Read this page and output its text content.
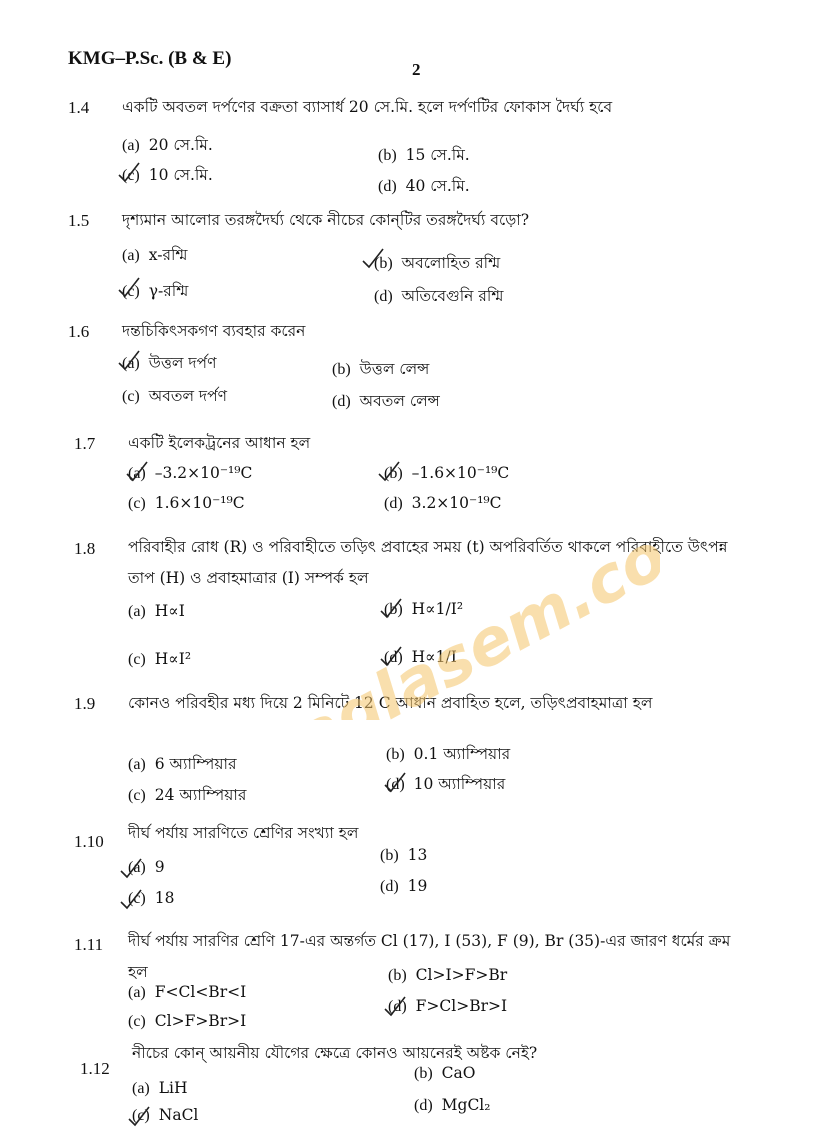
KMG–P.Sc. (B & E)
2
1.4 একটি অবতল দর্পণের বক্রতা ব্যাসার্ধ 20 সে.মি. হলে দর্পণটির ফোকাস দৈর্ঘ্য হবে
(a) 20 সে.মি.
(b) 15 সে.মি.
(c) 10 সে.মি.
(d) 40 সে.মি.
1.5 দৃশ্যমান আলোর তরঙ্গদৈর্ঘ্য থেকে নীচের কোন্‌টির তরঙ্গদৈর্ঘ্য বড়ো?
(a) x-রশ্মি	(b) অবলোহিত রশ্মি
(c) γ-রশ্মি	(d) অতিবেগুনি রশ্মি
1.6 দন্তচিকিৎসকগণ ব্যবহার করেন
(a) উত্তল দর্পণ	(b) উত্তল লেন্স
(c) অবতল দর্পণ	(d) অবতল লেন্স
1.7 একটি ইলেকট্রনের আধান হল
(a) –3.2×10⁻¹⁹C	(b) –1.6×10⁻¹⁹C
(c) 1.6×10⁻¹⁹C	(d) 3.2×10⁻¹⁹C
1.8 পরিবাহীর রোধ (R) ও পরিবাহীতে তড়িৎ প্রবাহের সময় (t) অপরিবর্তিত থাকলে পরিবাহীতে উৎপন্ন তাপ (H) ও প্রবাহমাত্রার (I) সম্পর্ক হল
(a) H∝I	(b) H∝1/I²
(c) H∝I²	(d) H∝1/I
1.9 কোনও পরিবহীর মধ্য দিয়ে 2 মিনিটে 12 C আধান প্রবাহিত হলে, তড়িৎপ্রবাহমাত্রা হল
(a) 6 অ্যাম্পিয়ার
(b) 0.1 অ্যাম্পিয়ার
(c) 24 অ্যাম্পিয়ার
(d) 10 অ্যাম্পিয়ার
1.10 দীর্ঘ পর্যায় সারণিতে শ্রেণির সংখ্যা হল
(a) 9
(b) 13
(c) 18
(d) 19
1.11 দীর্ঘ পর্যায় সারণির শ্রেণি 17-এর অন্তর্গত Cl (17), I (53), F (9), Br (35)-এর জারণ ধর্মের ক্রম হল
(a) F<Cl<Br<I
(b) Cl>I>F>Br
(c) Cl>F>Br>I
(d) F>Cl>Br>I
1.12
নীচের কোন্‌ আয়নীয় যৌগের ক্ষেত্রে কোনও আয়নেরই অষ্টক নেই?
(a) LiH
(b) CaO
(c) NaCl
(d) MgCl₂
aglasem.com
